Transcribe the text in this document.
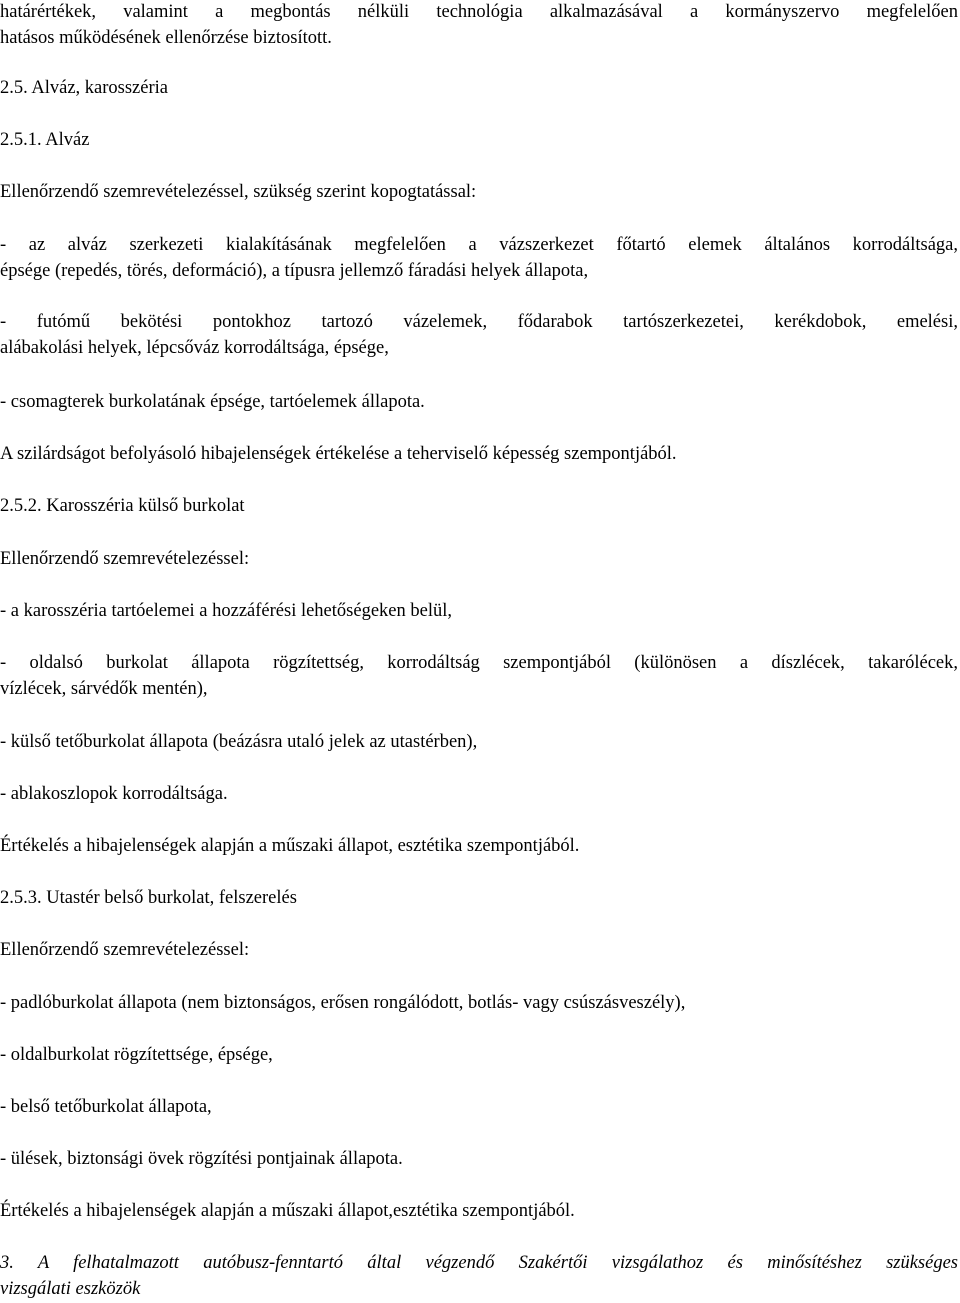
határértékek, valamint a megbontás nélküli technológia alkalmazásával a kormányszervo megfelelően
hatásos működésének ellenőrzése biztosított.

2.5. Alváz, karosszéria

2.5.1. Alváz

Ellenőrzendő szemrevételezéssel, szükség szerint kopogtatással:

- az alváz szerkezeti kialakításának megfelelően a vázszerkezet főtartó elemek általános korrodáltsága,
épsége (repedés, törés, deformáció), a típusra jellemző fáradási helyek állapota,
- futómű bekötési pontokhoz tartozó vázelemek, fődarabok tartószerkezetei, kerékdobok, emelési,
alábakolási helyek, lépcsőváz korrodáltsága, épsége,

- csomagterek burkolatának épsége, tartóelemek állapota.

A szilárdságot befolyásoló hibajelenségek értékelése a teherviselő képesség szempontjából.

2.5.2. Karosszéria külső burkolat

Ellenőrzendő szemrevételezéssel:

- a karosszéria tartóelemei a hozzáférési lehetőségeken belül,

- oldalsó burkolat állapota rögzítettség, korrodáltság szempontjából (különösen a díszlécek, takarólécek,
vízlécek, sárvédők mentén),

- külső tetőburkolat állapota (beázásra utaló jelek az utastérben),

- ablakoszlopok korrodáltsága.

Értékelés a hibajelenségek alapján a műszaki állapot, esztétika szempontjából.

2.5.3. Utastér belső burkolat, felszerelés

Ellenőrzendő szemrevételezéssel:

- padlóburkolat állapota (nem biztonságos, erősen rongálódott, botlás- vagy csúszásveszély),

- oldalburkolat rögzítettsége, épsége,

- belső tetőburkolat állapota,

- ülések, biztonsági övek rögzítési pontjainak állapota.

Értékelés a hibajelenségek alapján a műszaki állapot,esztétika szempontjából.

3. A felhatalmazott autóbusz-fenntartó által végzendő Szakértői vizsgálathoz és minősítéshez szükséges
vizsgálati eszközök
